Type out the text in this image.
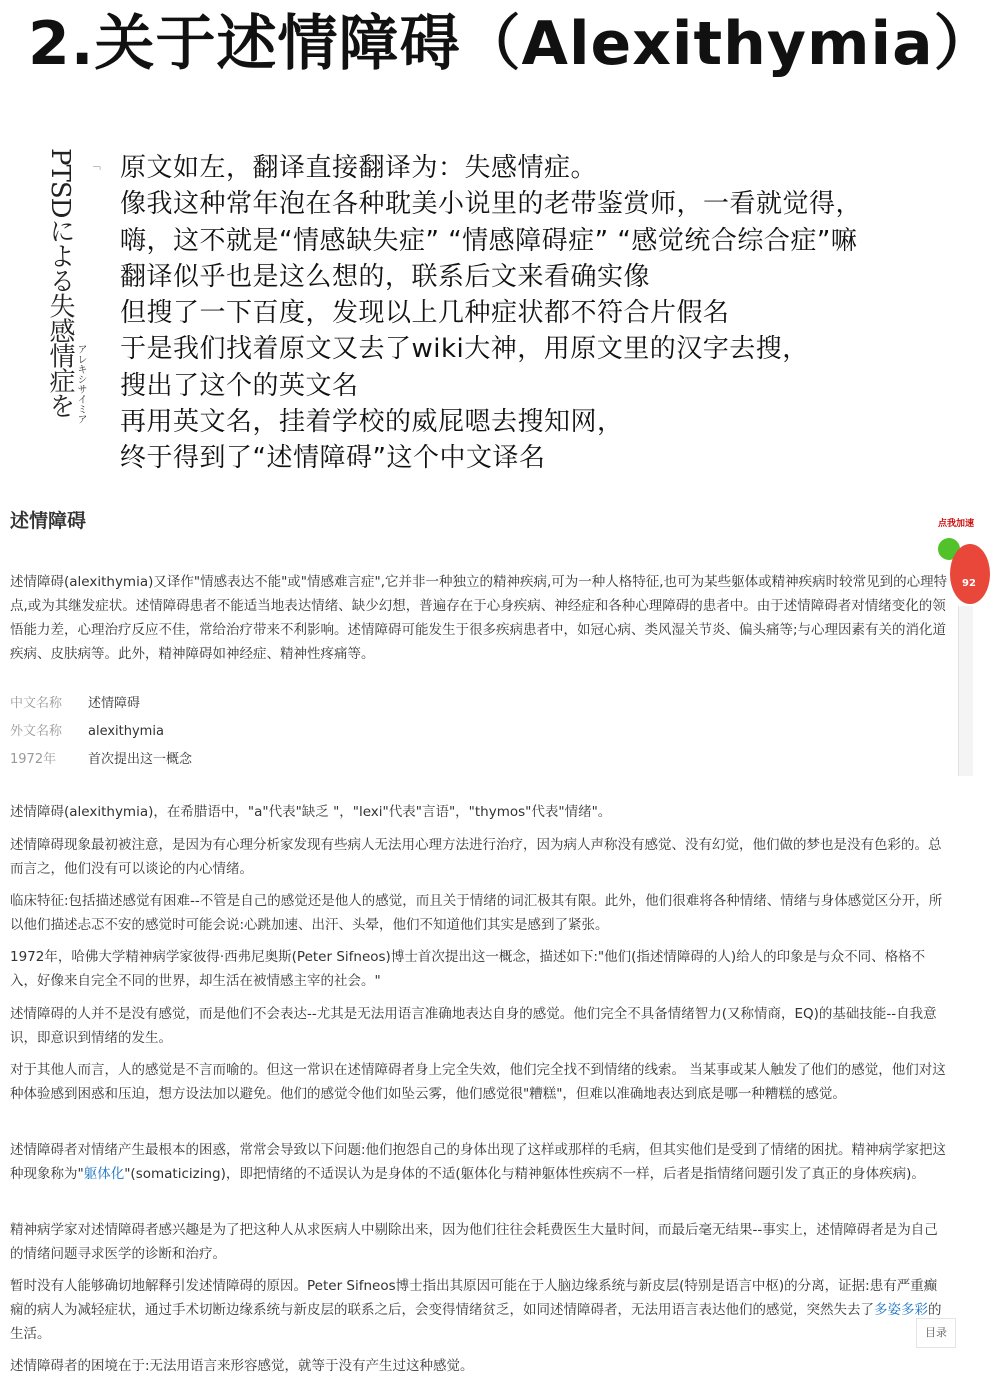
2.关于述情障碍（Alexithymia）
PTSDによる失感情症を アレキシサイミア
「 原文如左，翻译直接翻译为：失感情症。
像我这种常年泡在各种耽美小说里的老带鉴赏师，一看就觉得，
嗨，这不就是“情感缺失症” “情感障碍症” “感觉统合综合症”嘛
翻译似乎也是这么想的，联系后文来看确实像
但搜了一下百度，发现以上几种症状都不符合片假名
于是我们找着原文又去了wiki大神，用原文里的汉字去搜，
搜出了这个的英文名
再用英文名，挂着学校的威屁嗯去搜知网，
终于得到了“述情障碍”这个中文译名
述情障碍
述情障碍(alexithymia)又译作"情感表达不能"或"情感难言症",它并非一种独立的精神疾病,可为一种人格特征,也可为某些躯体或精神疾病时较常见到的心理特点,或为其继发症状。述情障碍患者不能适当地表达情绪、缺少幻想，普遍存在于心身疾病、神经症和各种心理障碍的患者中。由于述情障碍者对情绪变化的领悟能力差，心理治疗反应不佳，常给治疗带来不利影响。述情障碍可能发生于很多疾病患者中，如冠心病、类风湿关节炎、偏头痛等;与心理因素有关的消化道疾病、皮肤病等。此外，精神障碍如神经症、精神性疼痛等。
中文名称 述情障碍
外文名称 alexithymia
1972年 首次提出这一概念
述情障碍(alexithymia)，在希腊语中，"a"代表"缺乏 "，"lexi"代表"言语"，"thymos"代表"情绪"。
述情障碍现象最初被注意，是因为有心理分析家发现有些病人无法用心理方法进行治疗，因为病人声称没有感觉、没有幻觉，他们做的梦也是没有色彩的。总而言之，他们没有可以谈论的内心情绪。
临床特征:包括描述感觉有困难--不管是自己的感觉还是他人的感觉，而且关于情绪的词汇极其有限。此外，他们很难将各种情绪、情绪与身体感觉区分开，所以他们描述忐忑不安的感觉时可能会说:心跳加速、出汗、头晕，他们不知道他们其实是感到了紧张。
1972年，哈佛大学精神病学家彼得·西弗尼奥斯(Peter Sifneos)博士首次提出这一概念，描述如下:"他们(指述情障碍的人)给人的印象是与众不同、格格不入，好像来自完全不同的世界，却生活在被情感主宰的社会。"
述情障碍的人并不是没有感觉，而是他们不会表达--尤其是无法用语言准确地表达自身的感觉。他们完全不具备情绪智力(又称情商，EQ)的基础技能--自我意识，即意识到情绪的发生。
对于其他人而言，人的感觉是不言而喻的。但这一常识在述情障碍者身上完全失效，他们完全找不到情绪的线索。 当某事或某人触发了他们的感觉，他们对这种体验感到困惑和压迫，想方设法加以避免。他们的感觉令他们如坠云雾，他们感觉很"糟糕"，但难以准确地表达到底是哪一种糟糕的感觉。
述情障碍者对情绪产生最根本的困惑，常常会导致以下问题:他们抱怨自己的身体出现了这样或那样的毛病，但其实他们是受到了情绪的困扰。精神病学家把这种现象称为"躯体化"(somaticizing)，即把情绪的不适误认为是身体的不适(躯体化与精神躯体性疾病不一样，后者是指情绪问题引发了真正的身体疾病)。
精神病学家对述情障碍者感兴趣是为了把这种人从求医病人中剔除出来，因为他们往往会耗费医生大量时间，而最后毫无结果--事实上，述情障碍者是为自己的情绪问题寻求医学的诊断和治疗。
暂时没有人能够确切地解释引发述情障碍的原因。Peter Sifneos博士指出其原因可能在于人脑边缘系统与新皮层(特别是语言中枢)的分离，证据:患有严重癫痫的病人为减轻症状，通过手术切断边缘系统与新皮层的联系之后，会变得情绪贫乏，如同述情障碍者，无法用语言表达他们的感觉，突然失去了多姿多彩的生活。
述情障碍者的困境在于:无法用语言来形容感觉，就等于没有产生过这种感觉。
点我加速
92
目录
